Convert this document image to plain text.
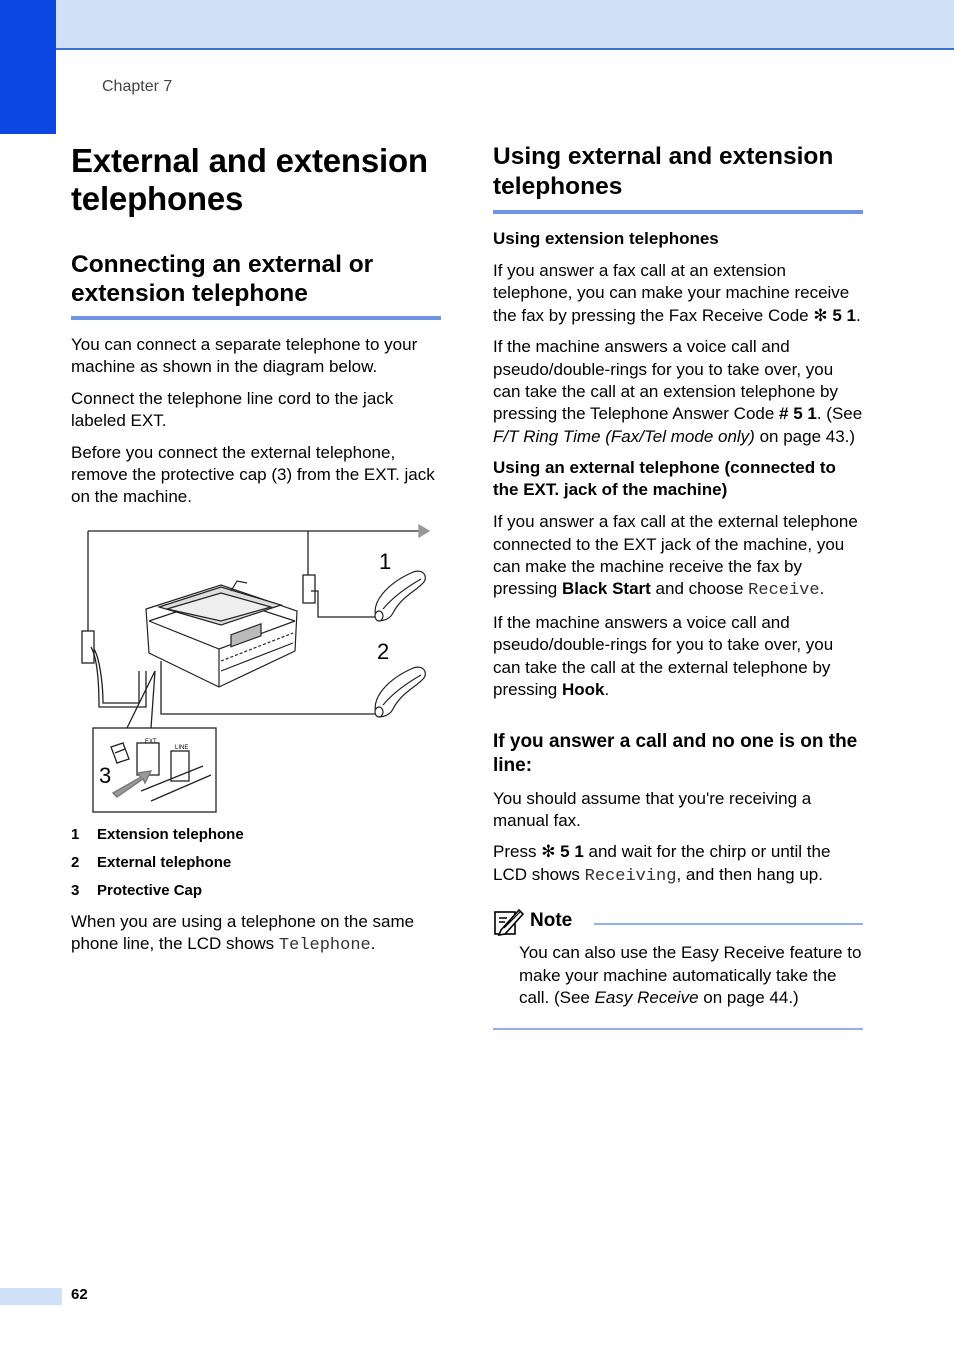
Chapter 7
External and extension telephones
Connecting an external or extension telephone

You can connect a separate telephone to your machine as shown in the diagram below.

Connect the telephone line cord to the jack labeled EXT.

Before you connect the external telephone, remove the protective cap (3) from the EXT. jack on the machine.

1
2
3
EXT.
LINE
1	Extension telephone
2	External telephone
3	Protective Cap

When you are using a telephone on the same phone line, the LCD shows Telephone.

Using external and extension telephones
Using extension telephones

If you answer a fax call at an extension telephone, you can make your machine receive the fax by pressing the Fax Receive Code ✻ 5 1.

If the machine answers a voice call and pseudo/double-rings for you to take over, you can take the call at an extension telephone by pressing the Telephone Answer Code # 5 1. (See F/T Ring Time (Fax/Tel mode only) on page 43.)

Using an external telephone (connected to the EXT. jack of the machine)

If you answer a fax call at the external telephone connected to the EXT jack of the machine, you can make the machine receive the fax by pressing Black Start and choose Receive.

If the machine answers a voice call and pseudo/double-rings for you to take over, you can take the call at the external telephone by pressing Hook.

If you answer a call and no one is on the line:

You should assume that you're receiving a manual fax.

Press ✻ 5 1 and wait for the chirp or until the LCD shows Receiving, and then hang up.

Note

You can also use the Easy Receive feature to make your machine automatically take the call. (See Easy Receive on page 44.)

62
